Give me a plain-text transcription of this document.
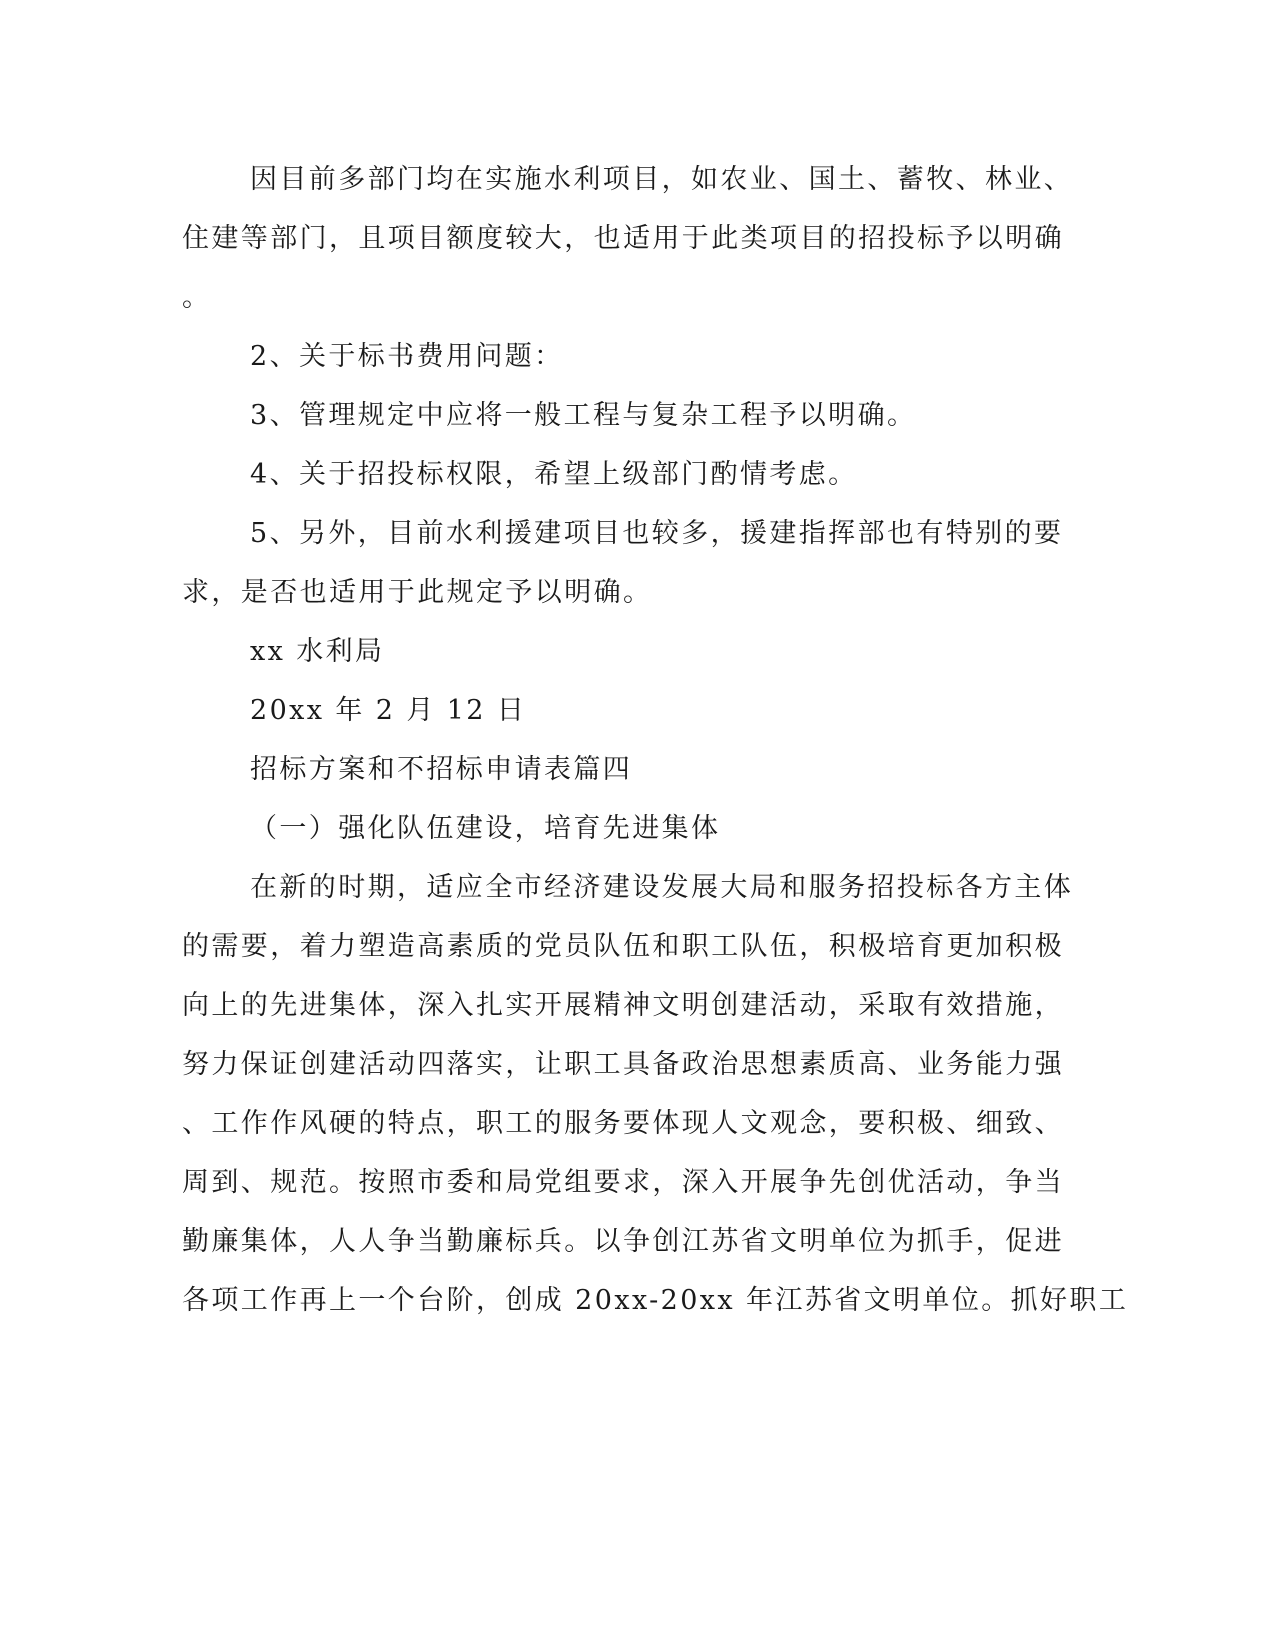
因目前多部门均在实施水利项目，如农业、国土、蓄牧、林业、
住建等部门，且项目额度较大，也适用于此类项目的招投标予以明确
。
2、关于标书费用问题：
3、管理规定中应将一般工程与复杂工程予以明确。
4、关于招投标权限，希望上级部门酌情考虑。
5、另外，目前水利援建项目也较多，援建指挥部也有特别的要
求，是否也适用于此规定予以明确。
xx 水利局
20xx 年 2 月 12 日
招标方案和不招标申请表篇四
（一）强化队伍建设，培育先进集体
在新的时期，适应全市经济建设发展大局和服务招投标各方主体
的需要，着力塑造高素质的党员队伍和职工队伍，积极培育更加积极
向上的先进集体，深入扎实开展精神文明创建活动，采取有效措施，
努力保证创建活动四落实，让职工具备政治思想素质高、业务能力强
、工作作风硬的特点，职工的服务要体现人文观念，要积极、细致、
周到、规范。按照市委和局党组要求，深入开展争先创优活动，争当
勤廉集体，人人争当勤廉标兵。以争创江苏省文明单位为抓手，促进
各项工作再上一个台阶，创成 20xx-20xx 年江苏省文明单位。抓好职工
